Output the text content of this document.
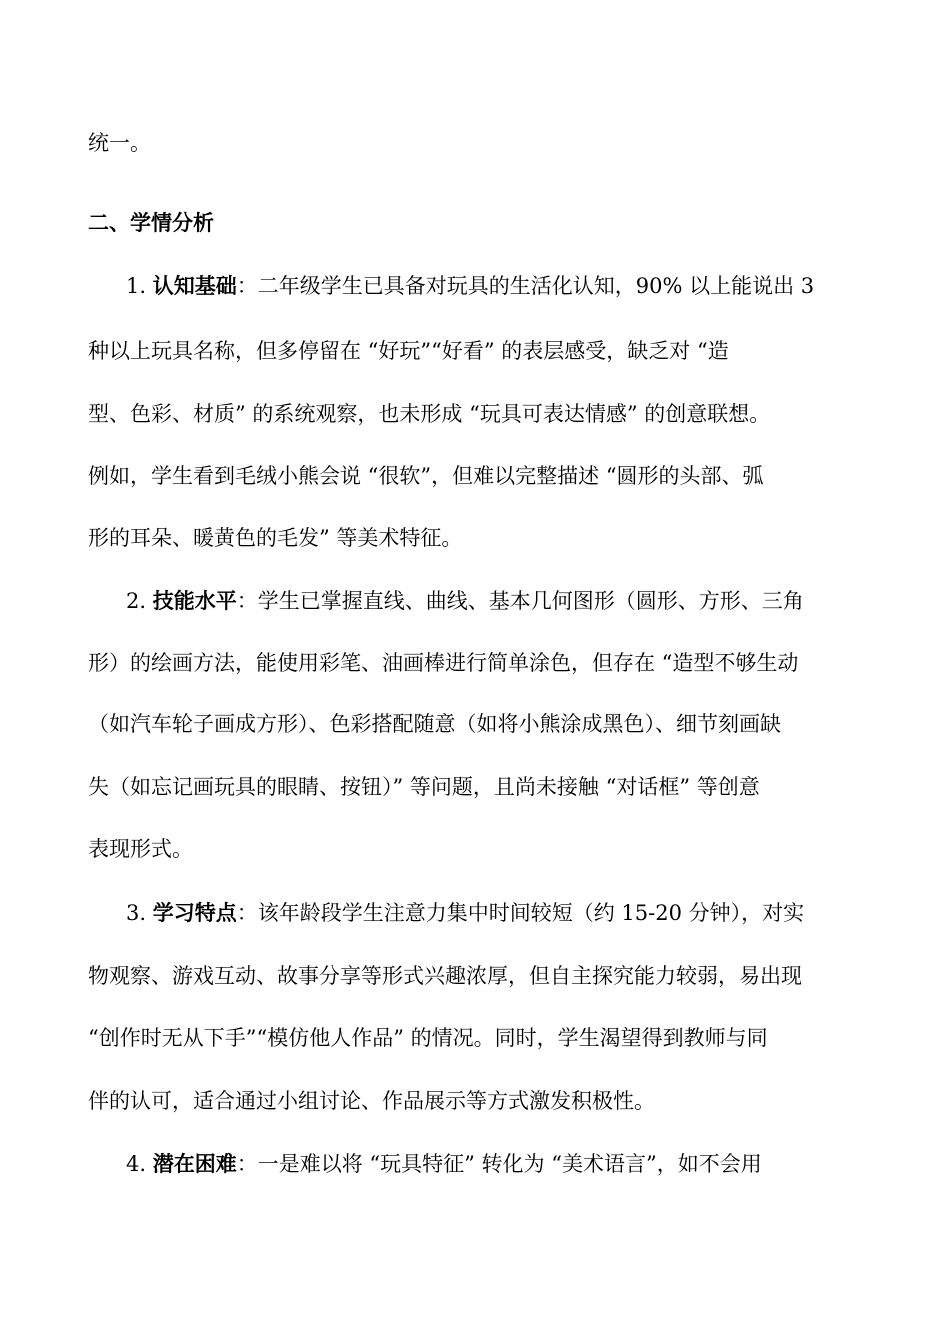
统一。
二、学情分析
1. 认知基础：二年级学生已具备对玩具的生活化认知，90% 以上能说出 3
种以上玩具名称，但多停留在 “好玩”“好看” 的表层感受，缺乏对 “造
型、色彩、材质” 的系统观察，也未形成 “玩具可表达情感” 的创意联想。
例如，学生看到毛绒小熊会说 “很软”，但难以完整描述 “圆形的头部、弧
形的耳朵、暖黄色的毛发” 等美术特征。
2. 技能水平：学生已掌握直线、曲线、基本几何图形（圆形、方形、三角
形）的绘画方法，能使用彩笔、油画棒进行简单涂色，但存在 “造型不够生动
（如汽车轮子画成方形）、色彩搭配随意（如将小熊涂成黑色）、细节刻画缺
失（如忘记画玩具的眼睛、按钮）” 等问题，且尚未接触 “对话框” 等创意
表现形式。
3. 学习特点：该年龄段学生注意力集中时间较短（约 15-20 分钟），对实
物观察、游戏互动、故事分享等形式兴趣浓厚，但自主探究能力较弱，易出现
“创作时无从下手”“模仿他人作品” 的情况。同时，学生渴望得到教师与同
伴的认可，适合通过小组讨论、作品展示等方式激发积极性。
4. 潜在困难：一是难以将 “玩具特征” 转化为 “美术语言”，如不会用
